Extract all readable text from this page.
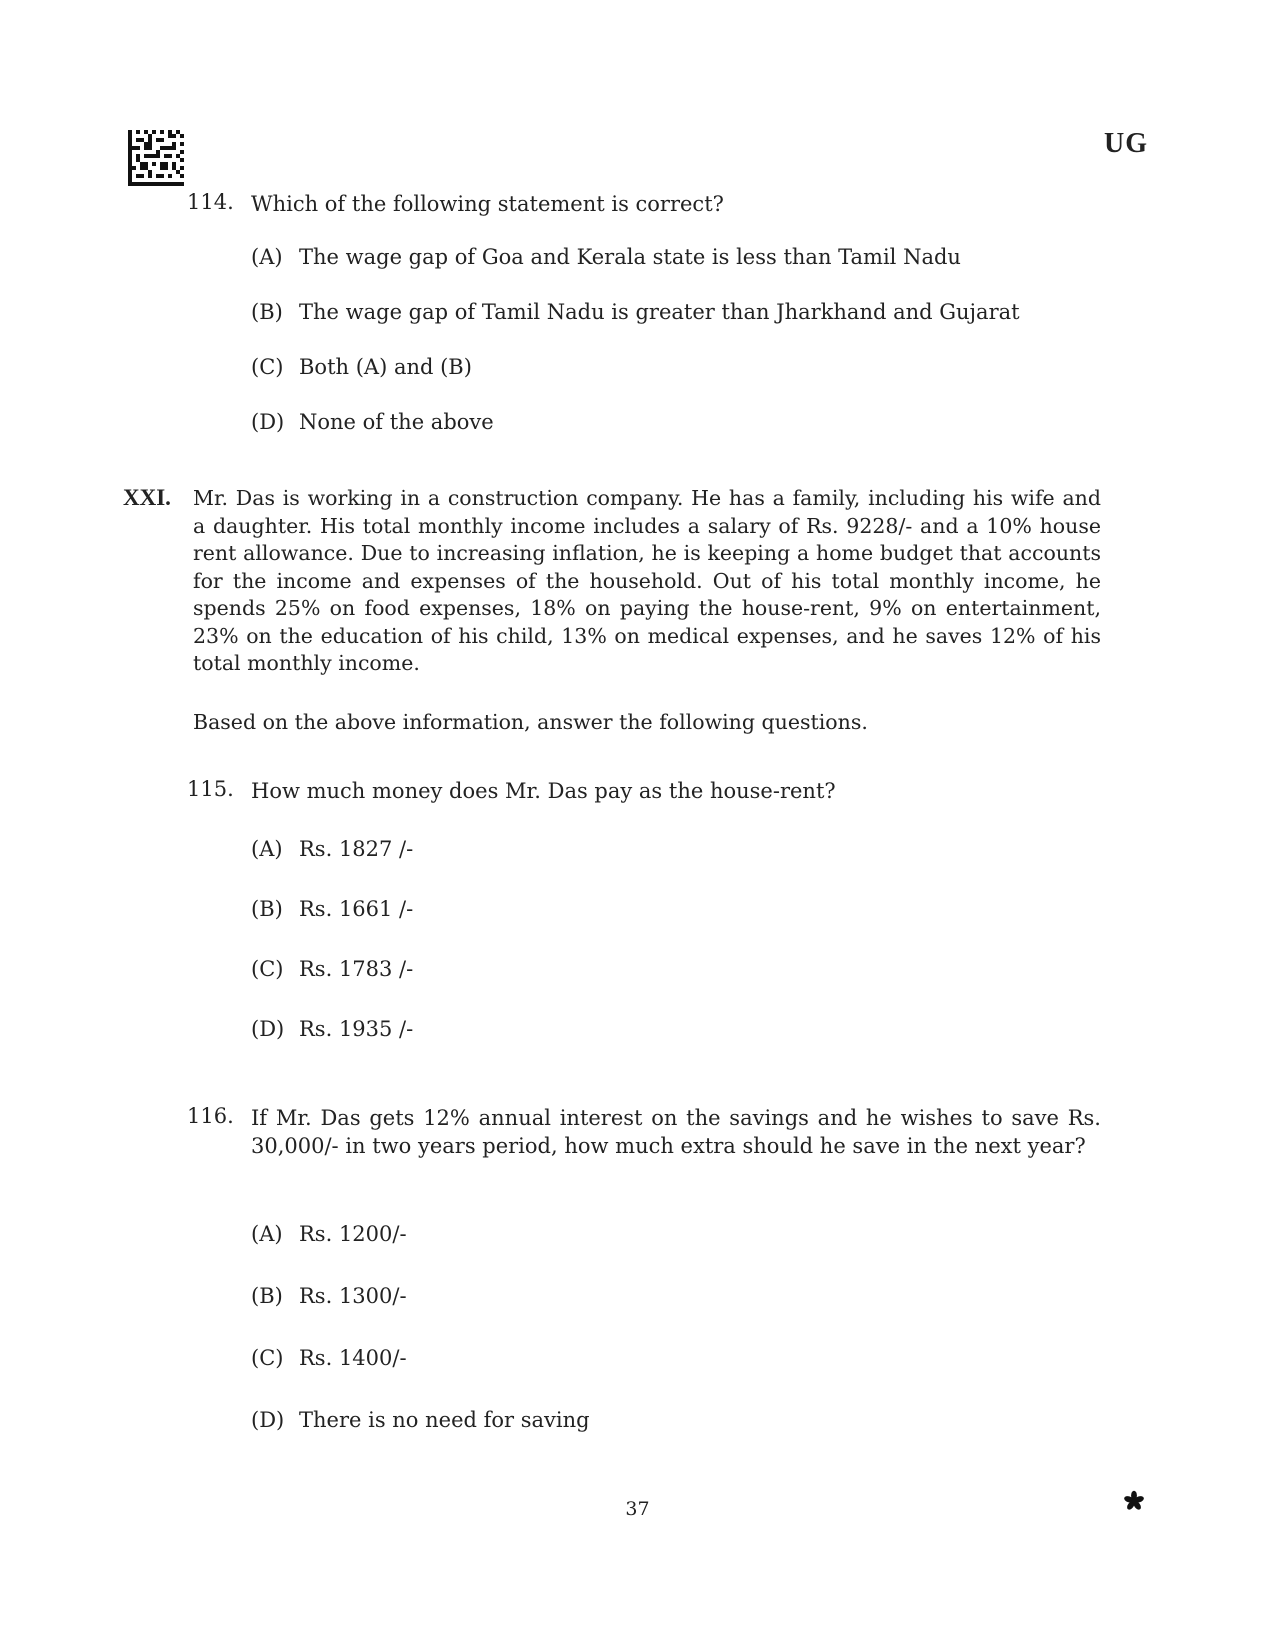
UG
114. Which of the following statement is correct?
(A) The wage gap of Goa and Kerala state is less than Tamil Nadu
(B) The wage gap of Tamil Nadu is greater than Jharkhand and Gujarat
(C) Both (A) and (B)
(D) None of the above
XXI. Mr. Das is working in a construction company. He has a family, including his wife and a daughter. His total monthly income includes a salary of Rs. 9228/- and a 10% house rent allowance. Due to increasing inflation, he is keeping a home budget that accounts for the income and expenses of the household. Out of his total monthly income, he spends 25% on food expenses, 18% on paying the house-rent, 9% on entertainment, 23% on the education of his child, 13% on medical expenses, and he saves 12% of his total monthly income.
Based on the above information, answer the following questions.
115. How much money does Mr. Das pay as the house-rent?
(A) Rs. 1827 /-
(B) Rs. 1661 /-
(C) Rs. 1783 /-
(D) Rs. 1935 /-
116. If Mr. Das gets 12% annual interest on the savings and he wishes to save Rs. 30,000/- in two years period, how much extra should he save in the next year?
(A) Rs. 1200/-
(B) Rs. 1300/-
(C) Rs. 1400/-
(D) There is no need for saving
37
